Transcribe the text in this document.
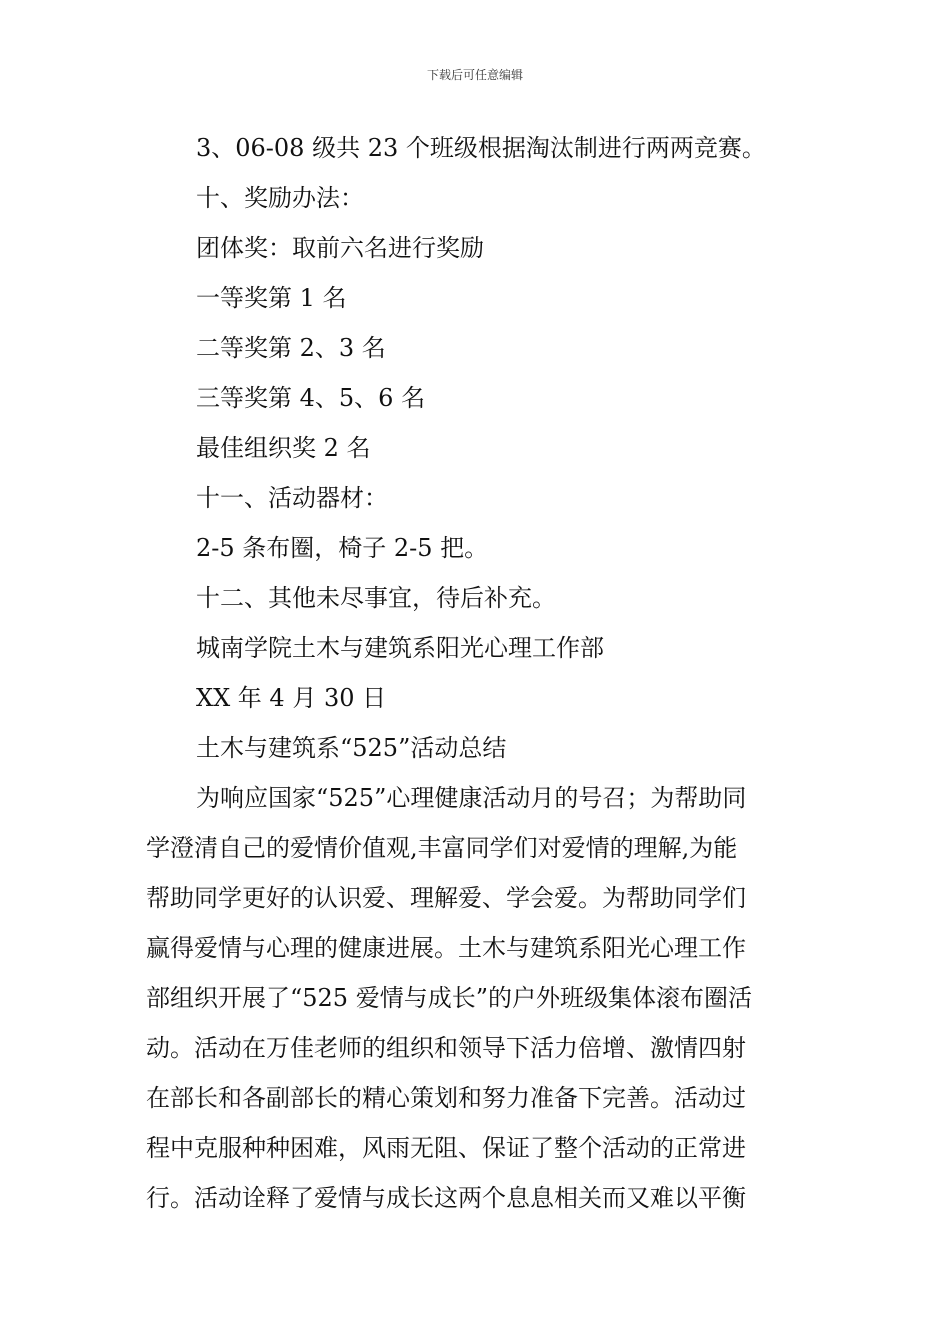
下载后可任意编辑
3、06-08 级共 23 个班级根据淘汰制进行两两竞赛。
十、奖励办法：
团体奖：取前六名进行奖励
一等奖第 1 名
二等奖第 2、3 名
三等奖第 4、5、6 名
最佳组织奖 2 名
十一、活动器材：
2-5 条布圈，椅子 2-5 把。
十二、其他未尽事宜，待后补充。
城南学院土木与建筑系阳光心理工作部
XX 年 4 月 30 日
土木与建筑系“525”活动总结
为响应国家“525”心理健康活动月的号召；为帮助同
学澄清自己的爱情价值观,丰富同学们对爱情的理解,为能
帮助同学更好的认识爱、理解爱、学会爱。为帮助同学们
赢得爱情与心理的健康进展。土木与建筑系阳光心理工作
部组织开展了“525 爱情与成长”的户外班级集体滚布圈活
动。活动在万佳老师的组织和领导下活力倍增、激情四射
在部长和各副部长的精心策划和努力准备下完善。活动过
程中克服种种困难，风雨无阻、保证了整个活动的正常进
行。活动诠释了爱情与成长这两个息息相关而又难以平衡
